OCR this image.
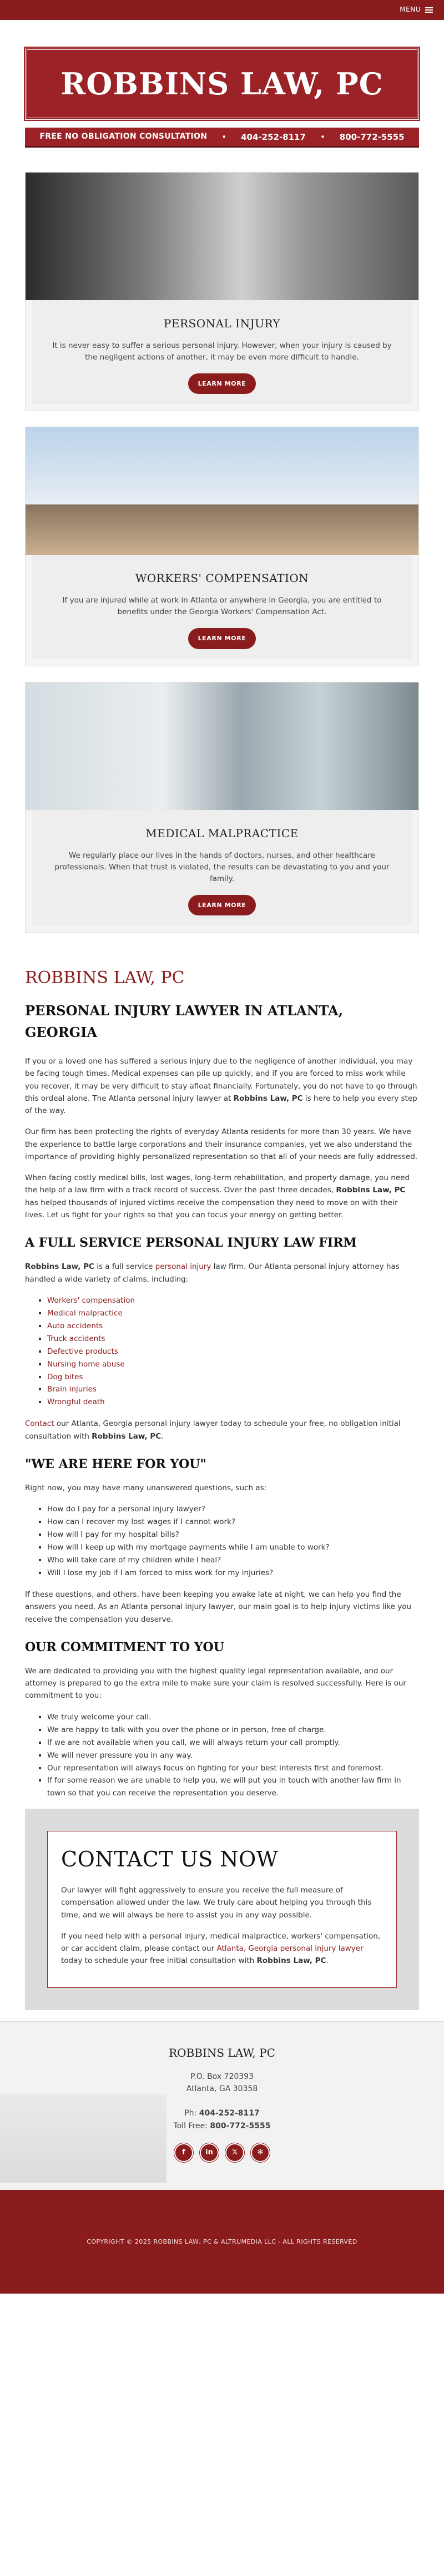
MENU
ROBBINS LAW, PC
FREE NO OBLIGATION CONSULTATION • 404-252-8117 • 800-772-5555
PERSONAL INJURY
It is never easy to suffer a serious personal injury. However, when your injury is caused by the negligent actions of another, it may be even more difficult to handle.
LEARN MORE
WORKERS' COMPENSATION
If you are injured while at work in Atlanta or anywhere in Georgia, you are entitled to benefits under the Georgia Workers' Compensation Act.
LEARN MORE
MEDICAL MALPRACTICE
We regularly place our lives in the hands of doctors, nurses, and other healthcare professionals. When that trust is violated, the results can be devastating to you and your family.
LEARN MORE
ROBBINS LAW, PC
PERSONAL INJURY LAWYER IN ATLANTA, GEORGIA

If you or a loved one has suffered a serious injury due to the negligence of another individual, you may be facing tough times. Medical expenses can pile up quickly, and if you are forced to miss work while you recover, it may be very difficult to stay afloat financially. Fortunately, you do not have to go through this ordeal alone. The Atlanta personal injury lawyer at Robbins Law, PC is here to help you every step of the way.

Our firm has been protecting the rights of everyday Atlanta residents for more than 30 years. We have the experience to battle large corporations and their insurance companies, yet we also understand the importance of providing highly personalized representation so that all of your needs are fully addressed.

When facing costly medical bills, lost wages, long-term rehabilitation, and property damage, you need the help of a law firm with a track record of success. Over the past three decades, Robbins Law, PC has helped thousands of injured victims receive the compensation they need to move on with their lives. Let us fight for your rights so that you can focus your energy on getting better.

A FULL SERVICE PERSONAL INJURY LAW FIRM

Robbins Law, PC is a full service personal injury law firm. Our Atlanta personal injury attorney has handled a wide variety of claims, including:

▪ Workers' compensation
▪ Medical malpractice
▪ Auto accidents
▪ Truck accidents
▪ Defective products
▪ Nursing home abuse
▪ Dog bites
▪ Brain injuries
▪ Wrongful death

Contact our Atlanta, Georgia personal injury lawyer today to schedule your free, no obligation initial consultation with Robbins Law, PC.

"WE ARE HERE FOR YOU"

Right now, you may have many unanswered questions, such as:

▪ How do I pay for a personal injury lawyer?
▪ How can I recover my lost wages if I cannot work?
▪ How will I pay for my hospital bills?
▪ How will I keep up with my mortgage payments while I am unable to work?
▪ Who will take care of my children while I heal?
▪ Will I lose my job if I am forced to miss work for my injuries?

If these questions, and others, have been keeping you awake late at night, we can help you find the answers you need. As an Atlanta personal injury lawyer, our main goal is to help injury victims like you receive the compensation you deserve.

OUR COMMITMENT TO YOU

We are dedicated to providing you with the highest quality legal representation available, and our attorney is prepared to go the extra mile to make sure your claim is resolved successfully. Here is our commitment to you:

▪ We truly welcome your call.
▪ We are happy to talk with you over the phone or in person, free of charge.
▪ If we are not available when you call, we will always return your call promptly.
▪ We will never pressure you in any way.
▪ Our representation will always focus on fighting for your best interests first and foremost.
▪ If for some reason we are unable to help you, we will put you in touch with another law firm in town so that you can receive the representation you deserve.
CONTACT US NOW

Our lawyer will fight aggressively to ensure you receive the full measure of compensation allowed under the law. We truly care about helping you through this time, and we will always be here to assist you in any way possible.

If you need help with a personal injury, medical malpractice, workers' compensation, or car accident claim, please contact our Atlanta, Georgia personal injury lawyer today to schedule your free initial consultation with Robbins Law, PC.

ROBBINS LAW, PC
P.O. Box 720393
Atlanta, GA 30358
Ph: 404-252-8117
Toll Free: 800-772-5555
f	in	𝕏	✻
COPYRIGHT © 2025 ROBBINS LAW, PC & ALTRUMEDIA LLC - ALL RIGHTS RESERVED
